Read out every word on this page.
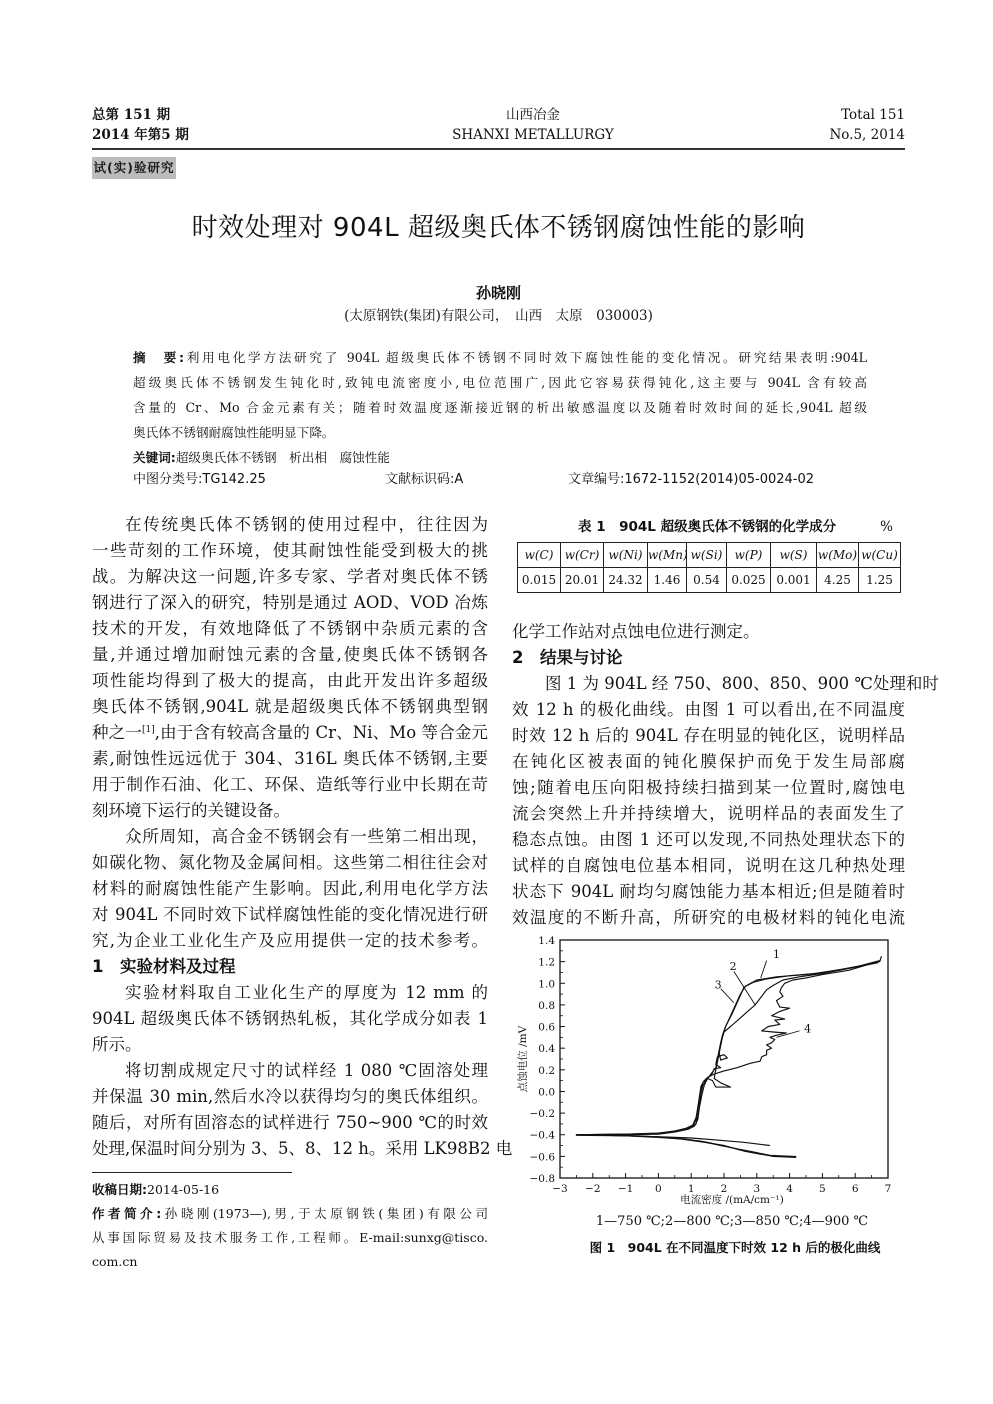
总第 151 期
2014 年第5 期
山西冶金
SHANXI METALLURGY
Total 151
No.5, 2014
试(实)验研究
时效处理对 904L 超级奥氏体不锈钢腐蚀性能的影响
孙晓刚
(太原钢铁(集团)有限公司，　山西　太原　030003)
摘　要:利用电化学方法研究了 904L 超级奥氏体不锈钢不同时效下腐蚀性能的变化情况。研究结果表明:904L
超级奥氏体不锈钢发生钝化时,致钝电流密度小,电位范围广,因此它容易获得钝化,这主要与 904L 含有较高
含量的 Cr、Mo 合金元素有关；随着时效温度逐渐接近钢的析出敏感温度以及随着时效时间的延长,904L 超级
奥氏体不锈钢耐腐蚀性能明显下降。
关键词:超级奥氏体不锈钢　析出相　腐蚀性能
中图分类号:TG142.25	文献标识码:A	文章编号:1672-1152(2014)05-0024-02
在传统奥氏体不锈钢的使用过程中，往往因为
一些苛刻的工作环境，使其耐蚀性能受到极大的挑
战。为解决这一问题,许多专家、学者对奥氏体不锈
钢进行了深入的研究，特别是通过 AOD、VOD 冶炼
技术的开发，有效地降低了不锈钢中杂质元素的含
量,并通过增加耐蚀元素的含量,使奥氏体不锈钢各
项性能均得到了极大的提高，由此开发出许多超级
奥氏体不锈钢,904L 就是超级奥氏体不锈钢典型钢
种之一[1],由于含有较高含量的 Cr、Ni、Mo 等合金元
素,耐蚀性远远优于 304、316L 奥氏体不锈钢,主要
用于制作石油、化工、环保、造纸等行业中长期在苛
刻环境下运行的关键设备。
众所周知，高合金不锈钢会有一些第二相出现，
如碳化物、氮化物及金属间相。这些第二相往往会对
材料的耐腐蚀性能产生影响。因此,利用电化学方法
对 904L 不同时效下试样腐蚀性能的变化情况进行研
究,为企业工业化生产及应用提供一定的技术参考。
1　实验材料及过程
实验材料取自工业化生产的厚度为 12 mm 的
904L 超级奥氏体不锈钢热轧板，其化学成分如表 1
所示。
将切割成规定尺寸的试样经 1 080 ℃固溶处理
并保温 30 min,然后水冷以获得均匀的奥氏体组织。
随后，对所有固溶态的试样进行 750~900 ℃的时效
处理,保温时间分别为 3、5、8、12 h。采用 LK98B2 电
收稿日期:2014-05-16
作者简介:孙晓刚(1973—),男,于太原钢铁(集团)有限公司
从事国际贸易及技术服务工作,工程师。E-mail:sunxg@tisco.
com.cn
表 1　904L 超级奥氏体不锈钢的化学成分	%
w(C)	w(Cr)	w(Ni)	w(Mn)	w(Si)	w(P)	w(S)	w(Mo)	w(Cu)
0.015	20.01	24.32	1.46	0.54	0.025	0.001	4.25	1.25
化学工作站对点蚀电位进行测定。
2　结果与讨论
图 1 为 904L 经 750、800、850、900 ℃处理和时
效 12 h 的极化曲线。由图 1 可以看出,在不同温度
时效 12 h 后的 904L 存在明显的钝化区，说明样品
在钝化区被表面的钝化膜保护而免于发生局部腐
蚀;随着电压向阳极持续扫描到某一位置时,腐蚀电
流会突然上升并持续增大，说明样品的表面发生了
稳态点蚀。由图 1 还可以发现,不同热处理状态下的
试样的自腐蚀电位基本相同，说明在这几种热处理
状态下 904L 耐均匀腐蚀能力基本相近;但是随着时
效温度的不断升高，所研究的电极材料的钝化电流
−3 −2 −1 0 1 2 3 4 5 6 7
1.4
1.2
1.0
0.8
0.6
0.4
0.2
0.0
−0.2
−0.4
−0.6
−0.8
电流密度 /(mA/cm⁻¹)
点蚀电位 /mV
1
2
3
4
1—750 ℃;2—800 ℃;3—850 ℃;4—900 ℃
图 1　904L 在不同温度下时效 12 h 后的极化曲线
